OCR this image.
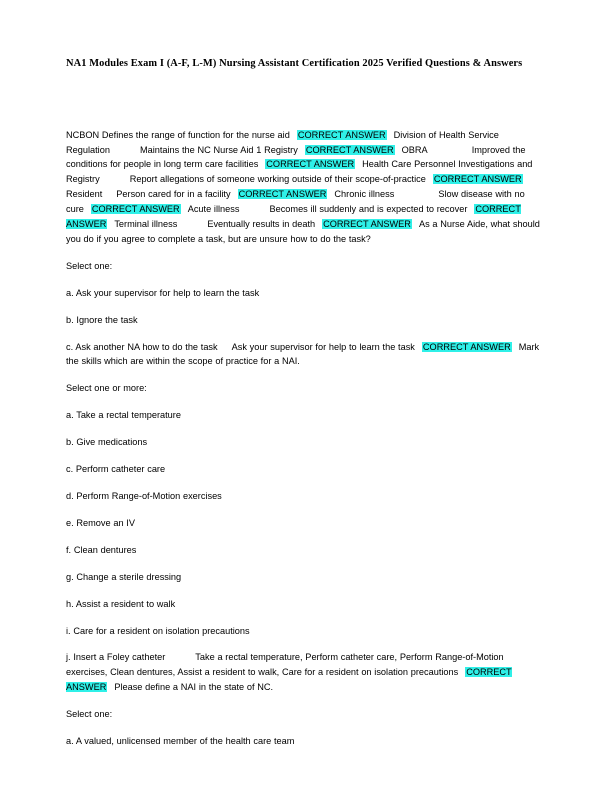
NA1 Modules Exam I (A-F, L-M) Nursing Assistant Certification 2025 Verified Questions & Answers

NCBON Defines the range of function for the nurse aid CORRECT ANSWER Division of Health Service Regulation	Maintains the NC Nurse Aid 1 Registry CORRECT ANSWER OBRA	Improved the conditions for people in long term care facilities CORRECT ANSWER Health Care Personnel Investigations and Registry	Report allegations of someone working outside of their scope-of-practice CORRECT ANSWERResident Person cared for in a facility CORRECT ANSWER Chronic illness	Slow disease with no cure CORRECT ANSWER Acute illness	Becomes ill suddenly and is expected to recover CORRECT ANSWER Terminal illness	Eventually results in death CORRECT ANSWER As a Nurse Aide, what should you do if you agree to complete a task, but are unsure how to do the task?

Select one:

a. Ask your supervisor for help to learn the task

b. Ignore the task

c. Ask another NA how to do the task Ask your supervisor for help to learn the task CORRECT ANSWER Mark the skills which are within the scope of practice for a NAI.

Select one or more:

a. Take a rectal temperature

b. Give medications

c. Perform catheter care

d. Perform Range-of-Motion exercises

e. Remove an IV

f. Clean dentures

g. Change a sterile dressing

h. Assist a resident to walk

i. Care for a resident on isolation precautions

j. Insert a Foley catheter	Take a rectal temperature, Perform catheter care, Perform Range-of-Motion exercises, Clean dentures, Assist a resident to walk, Care for a resident on isolation precautions CORRECT ANSWER Please define a NAI in the state of NC.

Select one:

a. A valued, unlicensed member of the health care team
